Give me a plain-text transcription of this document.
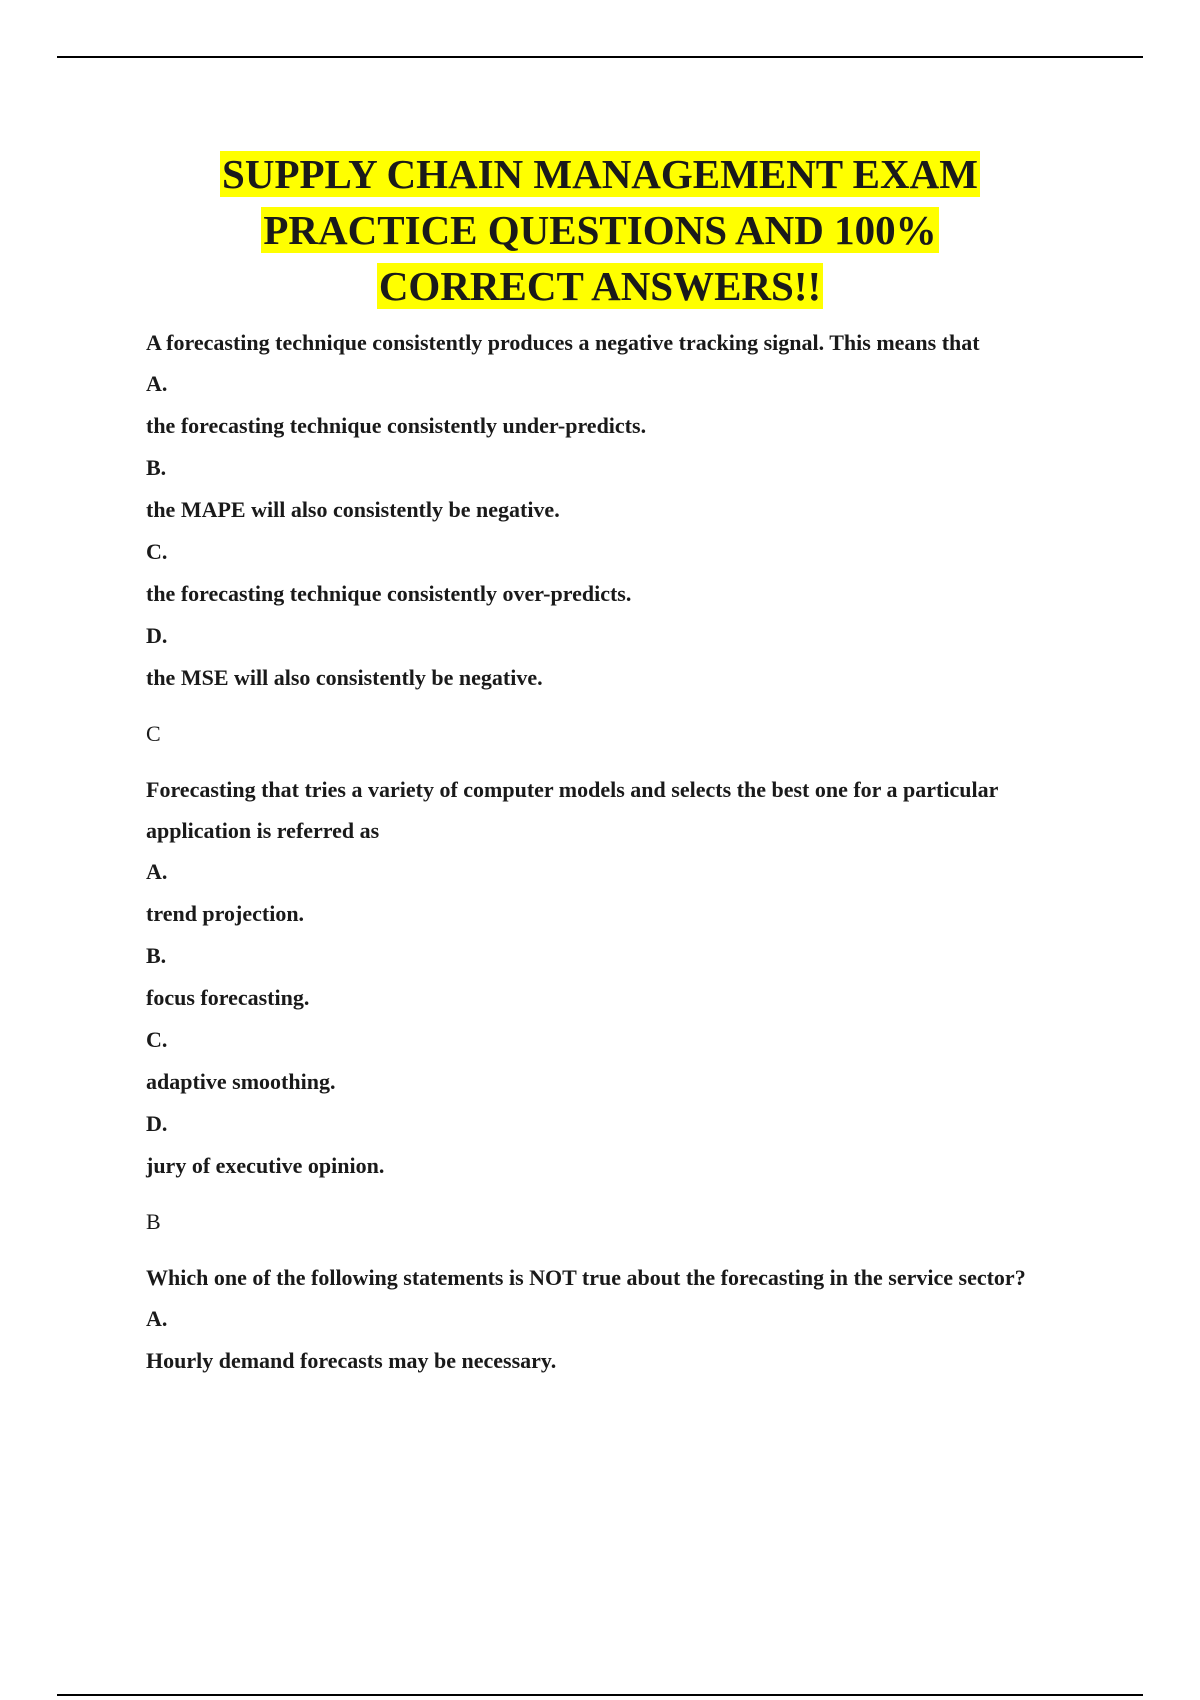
SUPPLY CHAIN MANAGEMENT EXAM
PRACTICE QUESTIONS AND 100%
CORRECT ANSWERS!!

A forecasting technique consistently produces a negative tracking signal. This means that

A.

the forecasting technique consistently under-predicts.

B.

the MAPE will also consistently be negative.

C.

the forecasting technique consistently over-predicts.

D.

the MSE will also consistently be negative.

C

Forecasting that tries a variety of computer models and selects the best one for a particular application is referred as

A.

trend projection.

B.

focus forecasting.

C.

adaptive smoothing.

D.

jury of executive opinion.

B

Which one of the following statements is NOT true about the forecasting in the service sector?

A.

Hourly demand forecasts may be necessary.
